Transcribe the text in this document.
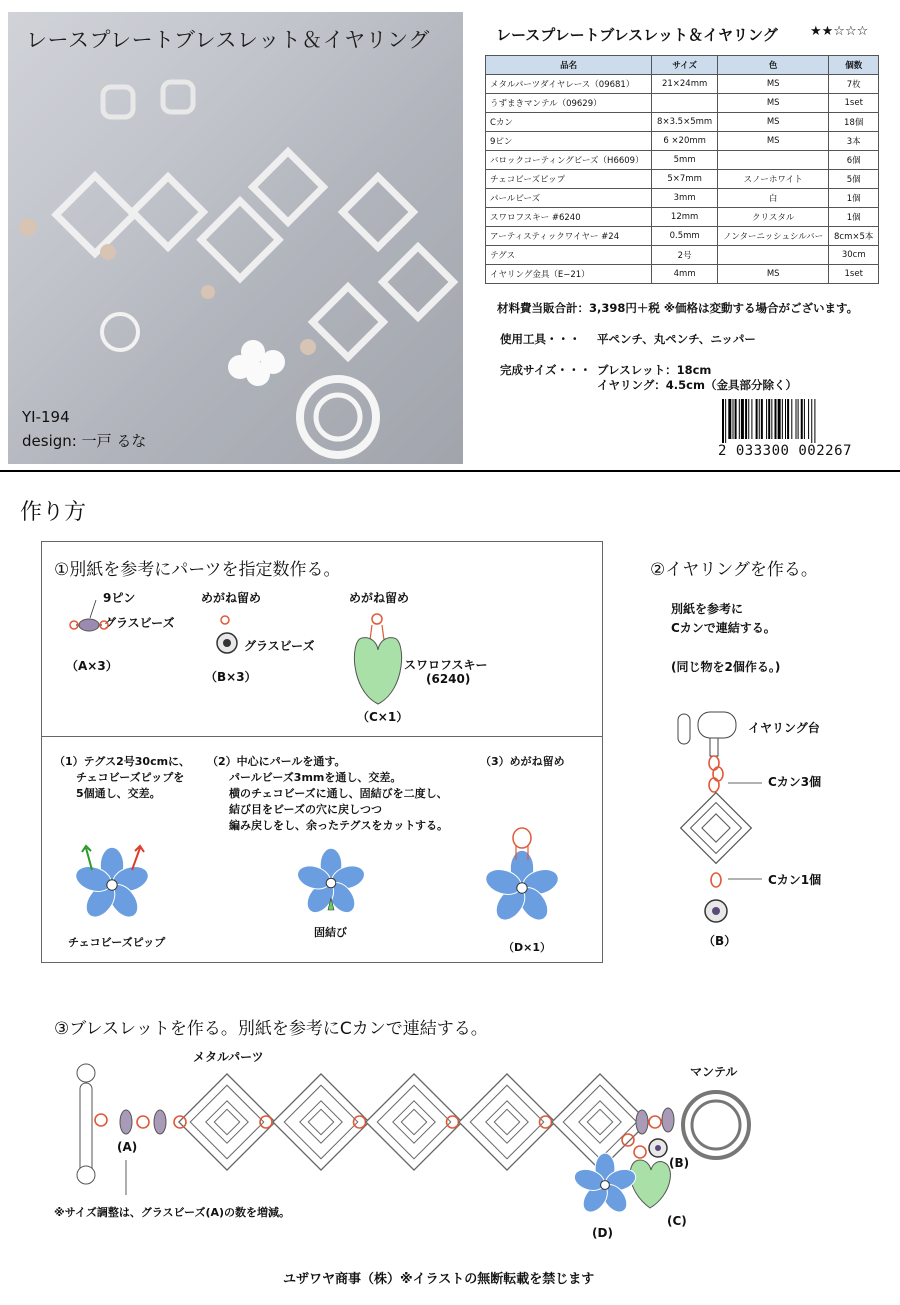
レースプレートブレスレット＆イヤリング
YI-194
design: 一戸 るな
レースプレートブレスレット＆イヤリング ★★☆☆☆
品名	サイズ	色	個数
メタルパーツダイヤレース（09681）	21×24mm	MS	7枚
うずまきマンテル（09629）		MS	1set
Cカン	8×3.5×5mm	MS	18個
9ピン	6 ×20mm	MS	3本
バロックコーティングビーズ（H6609）	5mm		6個
チェコビーズピップ	5×7mm	スノーホワイト	5個
パールビーズ	3mm	白	1個
スワロフスキー #6240	12mm	クリスタル	1個
アーティスティックワイヤー #24	0.5mm	ノンターニッシュシルバー	8cm×5本
テグス	2号		30cm
イヤリング金具（E−21）	4mm	MS	1set
材料費当販合計：3,398円＋税 ※価格は変動する場合がございます。
使用工具・・・ 平ペンチ、丸ペンチ、ニッパー
完成サイズ・・・ ブレスレット：18cm
イヤリング：4.5cm（金具部分除く）
2 033300 002267
作り方
①別紙を参考にパーツを指定数作る。
9ピン
グラスビーズ
（A×3）
めがね留め
グラスビーズ
（B×3）
めがね留め
スワロフスキー
(6240)
（C×1）
（1）テグス2号30cmに、
　　チェコビーズピップを
　　5個通し、交差。
（2）中心にパールを通す。
　　パールビーズ3mmを通し、交差。
　　横のチェコビーズに通し、固結びを二度し、
　　結び目をビーズの穴に戻しつつ
　　編み戻しをし、余ったテグスをカットする。
（3）めがね留め
チェコビーズピップ
固結び
（D×1）
②イヤリングを作る。
別紙を参考に
Cカンで連結する。
(同じ物を2個作る。)
イヤリング台
Cカン3個
Cカン1個
（B）
③ブレスレットを作る。別紙を参考にCカンで連結する。
メタルパーツ
マンテル
(A)
(B)
(C)
(D)
※サイズ調整は、グラスビーズ(A)の数を増減。
ユザワヤ商事（株）※イラストの無断転載を禁じます
